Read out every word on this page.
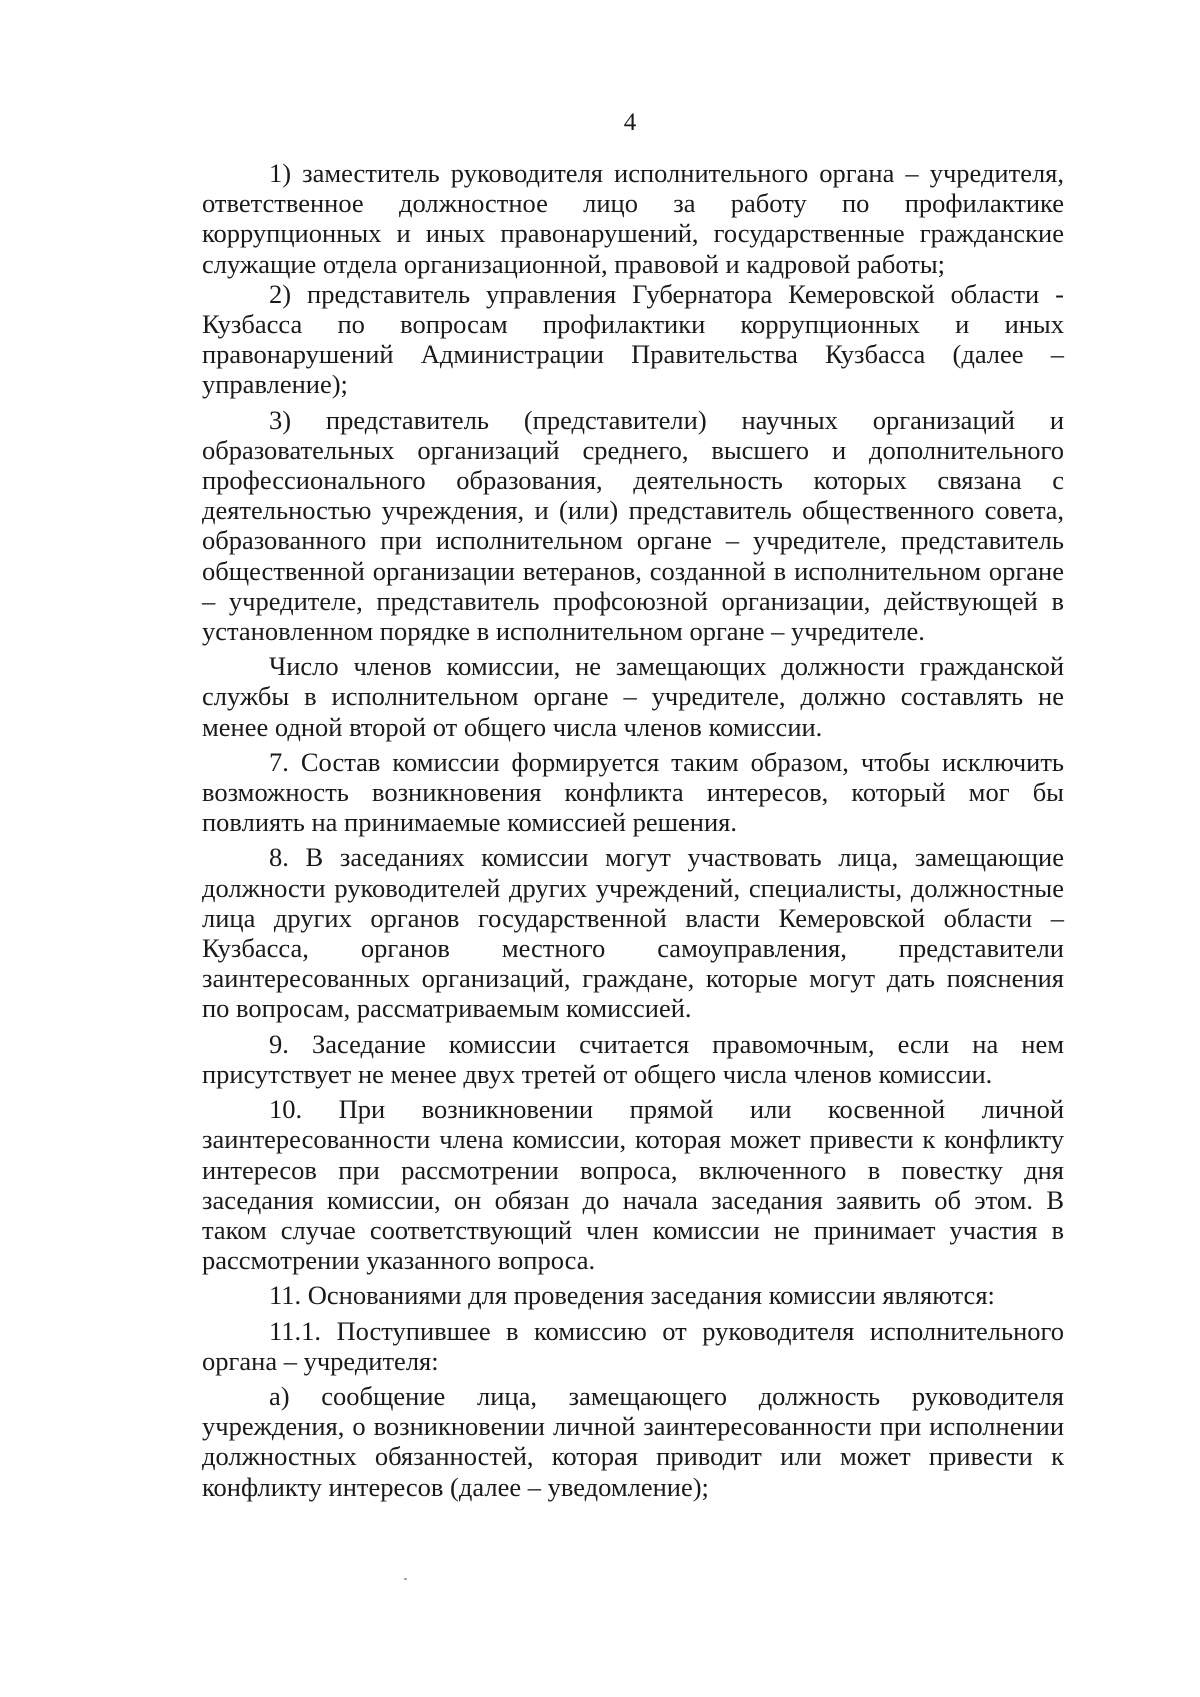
4

1) заместитель руководителя исполнительного органа – учредителя, ответственное должностное лицо за работу по профилактике коррупционных и иных правонарушений, государственные гражданские служащие отдела организационной, правовой и кадровой работы;

2) представитель управления Губернатора Кемеровской области - Кузбасса по вопросам профилактики коррупционных и иных правонарушений Администрации Правительства Кузбасса (далее – управление);

3) представитель (представители) научных организаций и образовательных организаций среднего, высшего и дополнительного профессионального образования, деятельность которых связана с деятельностью учреждения, и (или) представитель общественного совета, образованного при исполнительном органе – учредителе, представитель общественной организации ветеранов, созданной в исполнительном органе – учредителе, представитель профсоюзной организации, действующей в установленном порядке в исполнительном органе – учредителе.

Число членов комиссии, не замещающих должности гражданской службы в исполнительном органе – учредителе, должно составлять не менее одной второй от общего числа членов комиссии.

7. Состав комиссии формируется таким образом, чтобы исключить возможность возникновения конфликта интересов, который мог бы повлиять на принимаемые комиссией решения.

8. В заседаниях комиссии могут участвовать лица, замещающие должности руководителей других учреждений, специалисты, должностные лица других органов государственной власти Кемеровской области – Кузбасса, органов местного самоуправления, представители заинтересованных организаций, граждане, которые могут дать пояснения по вопросам, рассматриваемым комиссией.

9. Заседание комиссии считается правомочным, если на нем присутствует не менее двух третей от общего числа членов комиссии.

10. При возникновении прямой или косвенной личной заинтересованности члена комиссии, которая может привести к конфликту интересов при рассмотрении вопроса, включенного в повестку дня заседания комиссии, он обязан до начала заседания заявить об этом. В таком случае соответствующий член комиссии не принимает участия в рассмотрении указанного вопроса.

11. Основаниями для проведения заседания комиссии являются:

11.1. Поступившее в комиссию от руководителя исполнительного органа – учредителя:

а) сообщение лица, замещающего должность руководителя учреждения, о возникновении личной заинтересованности при исполнении должностных обязанностей, которая приводит или может привести к конфликту интересов (далее – уведомление);
